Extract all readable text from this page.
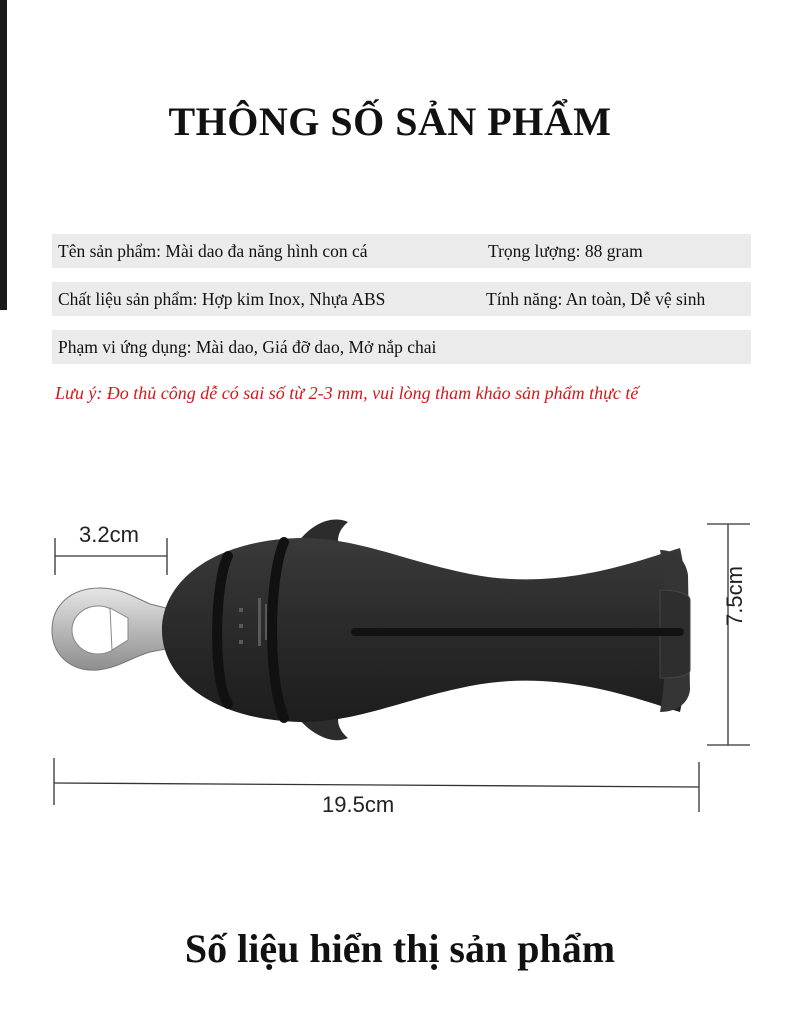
THÔNG SỐ SẢN PHẨM
Tên sản phẩm: Mài dao đa năng hình con cá	Trọng lượng: 88 gram
Chất liệu sản phẩm: Hợp kim Inox, Nhựa ABS	Tính năng: An toàn, Dễ vệ sinh
Phạm vi ứng dụng: Mài dao, Giá đỡ dao, Mở nắp chai
Lưu ý: Đo thủ công dễ có sai số từ 2-3 mm, vui lòng tham khảo sản phẩm thực tế
3.2cm
7.5cm
19.5cm
Số liệu hiển thị sản phẩm
